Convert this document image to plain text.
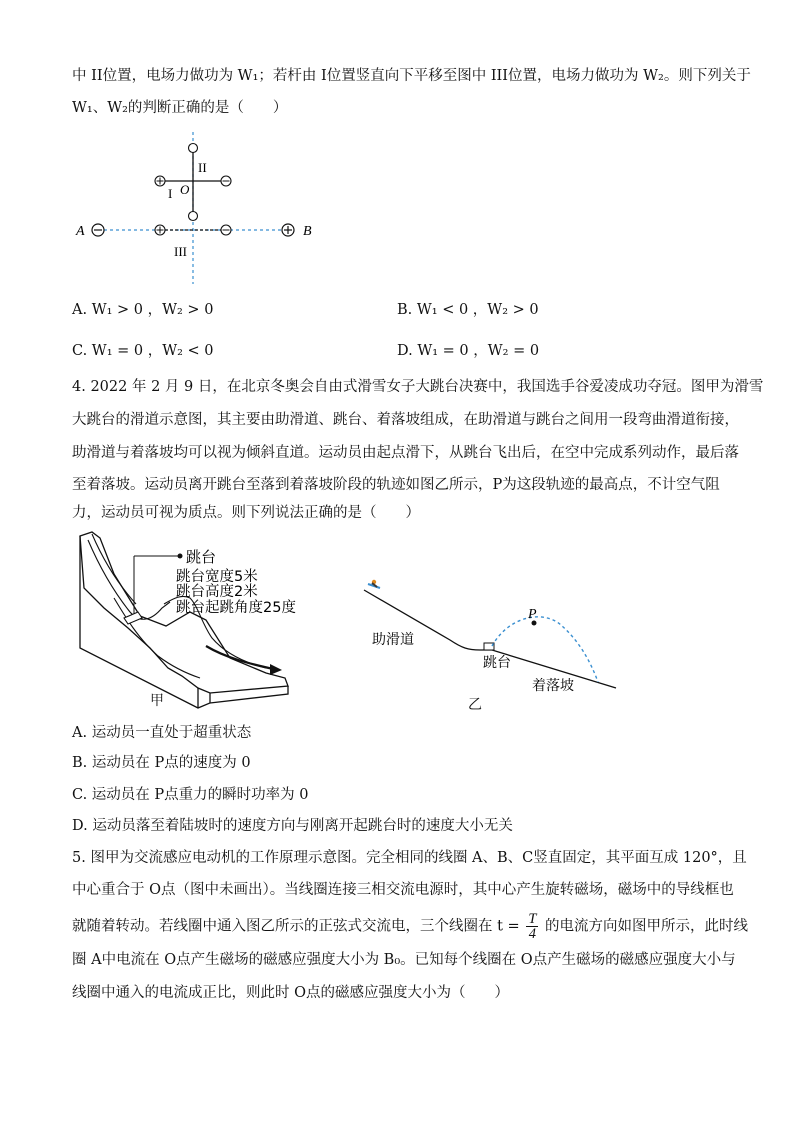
中 II位置，电场力做功为 W₁；若杆由 I位置竖直向下平移至图中 III位置，电场力做功为 W₂。则下列关于
W₁、W₂的判断正确的是（　　）
II
I O
III
A	B
A. W₁ > 0 ，W₂ > 0	B. W₁ < 0 ，W₂ > 0
C. W₁ = 0 ，W₂ < 0	D. W₁ = 0 ，W₂ = 0
4. 2022 年 2 月 9 日，在北京冬奥会自由式滑雪女子大跳台决赛中，我国选手谷爱凌成功夺冠。图甲为滑雪
大跳台的滑道示意图，其主要由助滑道、跳台、着落坡组成，在助滑道与跳台之间用一段弯曲滑道衔接，
助滑道与着落坡均可以视为倾斜直道。运动员由起点滑下，从跳台飞出后，在空中完成系列动作，最后落
至着落坡。运动员离开跳台至落到着落坡阶段的轨迹如图乙所示，P为这段轨迹的最高点，不计空气阻
力，运动员可视为质点。则下列说法正确的是（　　）
跳台
跳台宽度5米
跳台高度2米
跳台起跳角度25度
甲
P
助滑道
跳台
着落坡
乙
A. 运动员一直处于超重状态
B. 运动员在 P点的速度为 0
C. 运动员在 P点重力的瞬时功率为 0
D. 运动员落至着陆坡时的速度方向与刚离开起跳台时的速度大小无关
5. 图甲为交流感应电动机的工作原理示意图。完全相同的线圈 A、B、C竖直固定，其平面互成 120°，且
中心重合于 O点（图中未画出）。当线圈连接三相交流电源时，其中心产生旋转磁场，磁场中的导线框也
就随着转动。若线圈中通入图乙所示的正弦式交流电，三个线圈在 $t = \frac{T}{4}$ 的电流方向如图甲所示，此时线
圈 A中电流在 O点产生磁场的磁感应强度大小为 B₀。已知每个线圈在 O点产生磁场的磁感应强度大小与
线圈中通入的电流成正比，则此时 O点的磁感应强度大小为（　　）
